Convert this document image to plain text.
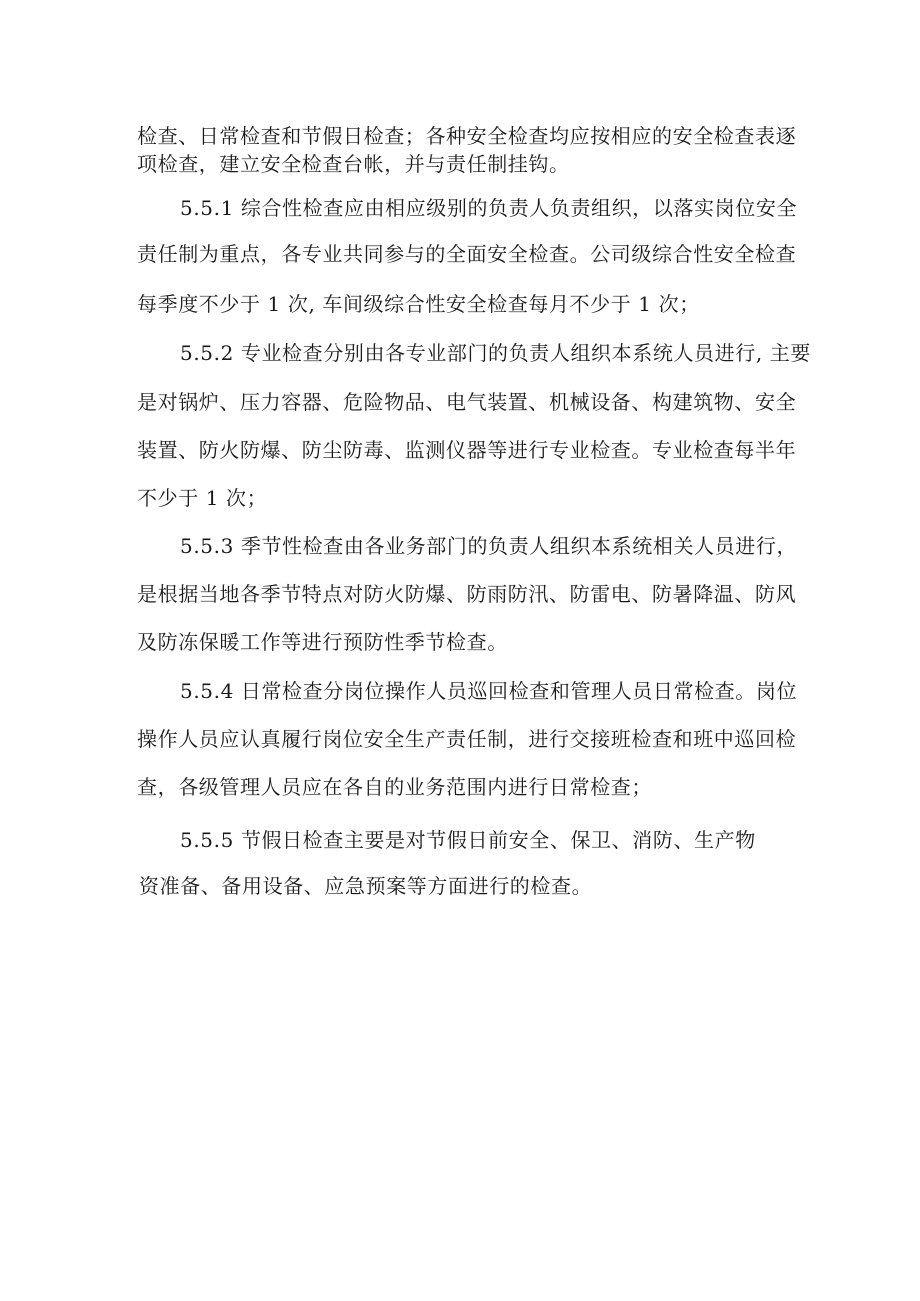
检查、日常检查和节假日检查；各种安全检查均应按相应的安全检查表逐

项检查，建立安全检查台帐，并与责任制挂钩。

5.5.1 综合性检查应由相应级别的负责人负责组织，以落实岗位安全

责任制为重点，各专业共同参与的全面安全检查。公司级综合性安全检查

每季度不少于 1 次, 车间级综合性安全检查每月不少于 1 次；

5.5.2 专业检查分别由各专业部门的负责人组织本系统人员进行, 主要

是对锅炉、压力容器、危险物品、电气装置、机械设备、构建筑物、安全

装置、防火防爆、防尘防毒、监测仪器等进行专业检查。专业检查每半年

不少于 1 次；

5.5.3 季节性检查由各业务部门的负责人组织本系统相关人员进行，

是根据当地各季节特点对防火防爆、防雨防汛、防雷电、防暑降温、防风

及防冻保暖工作等进行预防性季节检查。

5.5.4 日常检查分岗位操作人员巡回检查和管理人员日常检查。岗位

操作人员应认真履行岗位安全生产责任制，进行交接班检查和班中巡回检

查，各级管理人员应在各自的业务范围内进行日常检查；

5.5.5 节假日检查主要是对节假日前安全、保卫、消防、生产物

资准备、备用设备、应急预案等方面进行的检查。
